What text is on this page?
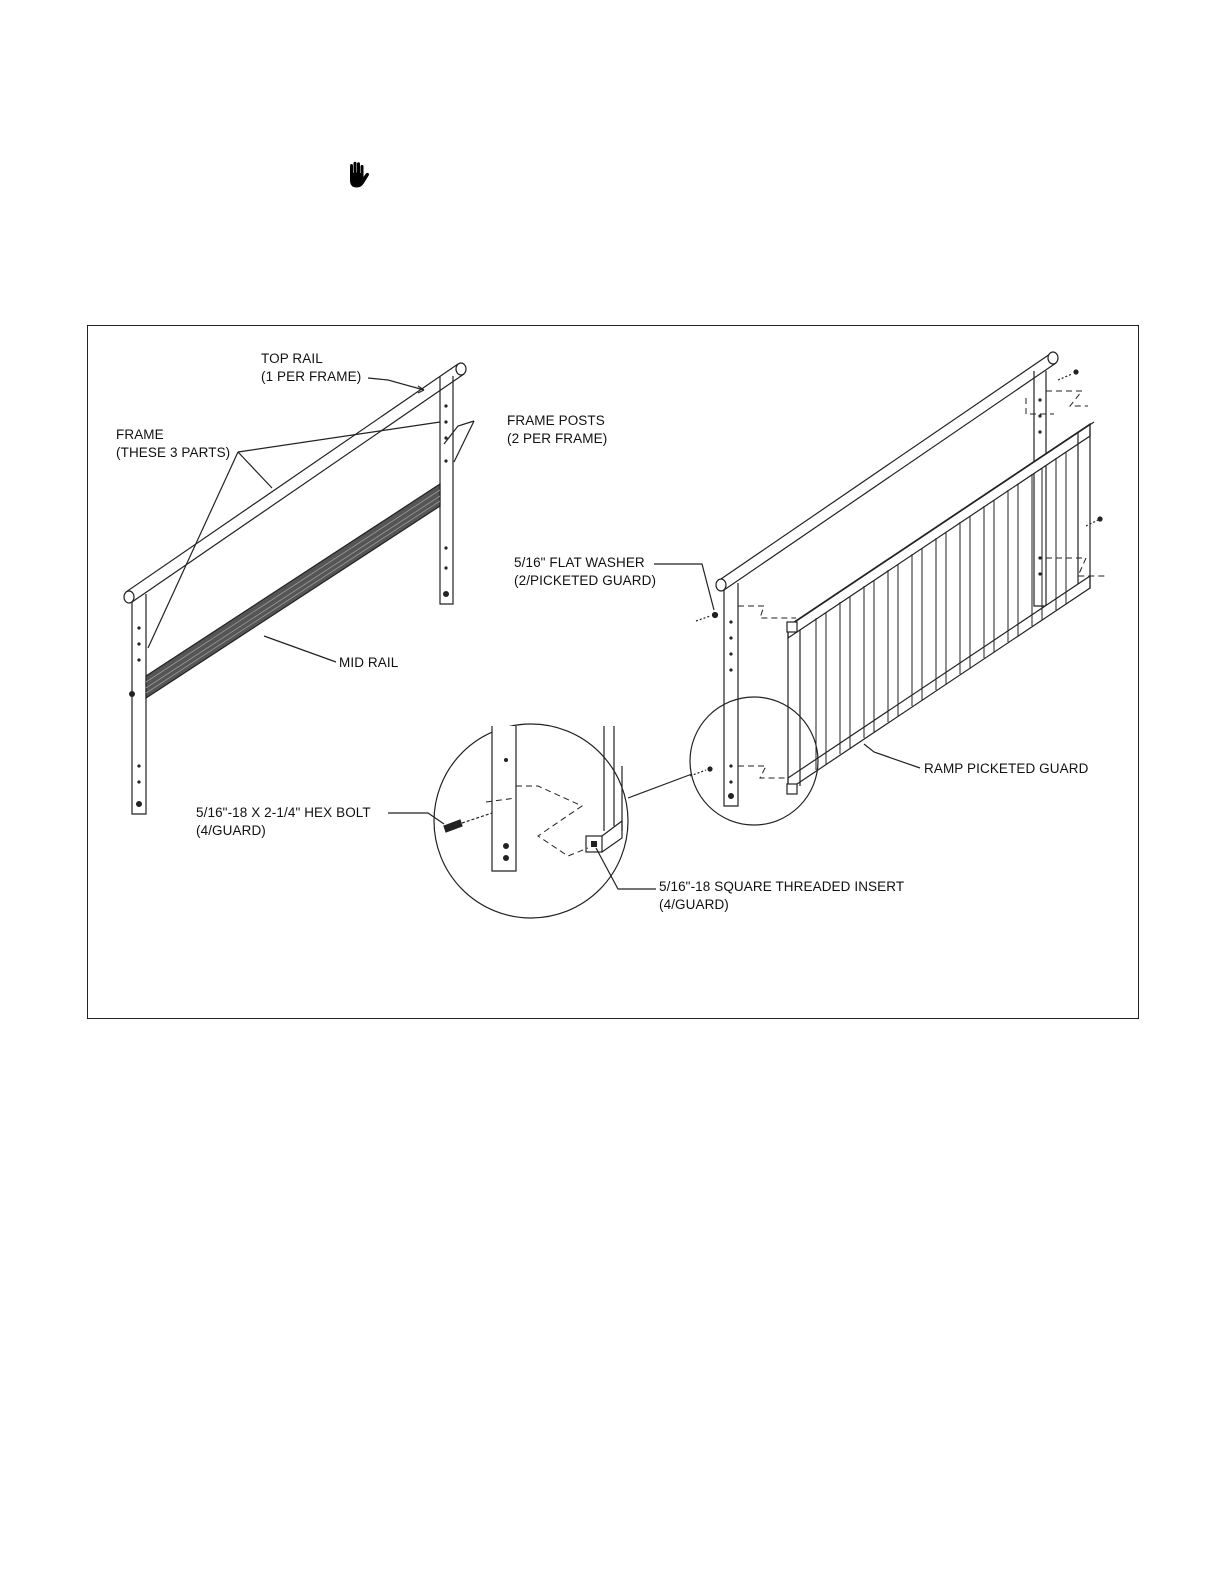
TOP RAIL
(1 PER FRAME)
FRAME
(THESE 3 PARTS)
FRAME POSTS
(2 PER FRAME)
MID RAIL
5/16" FLAT WASHER
(2/PICKETED GUARD)
5/16"-18 X 2-1/4" HEX BOLT
(4/GUARD)
RAMP PICKETED GUARD
5/16"-18 SQUARE THREADED INSERT
(4/GUARD)
